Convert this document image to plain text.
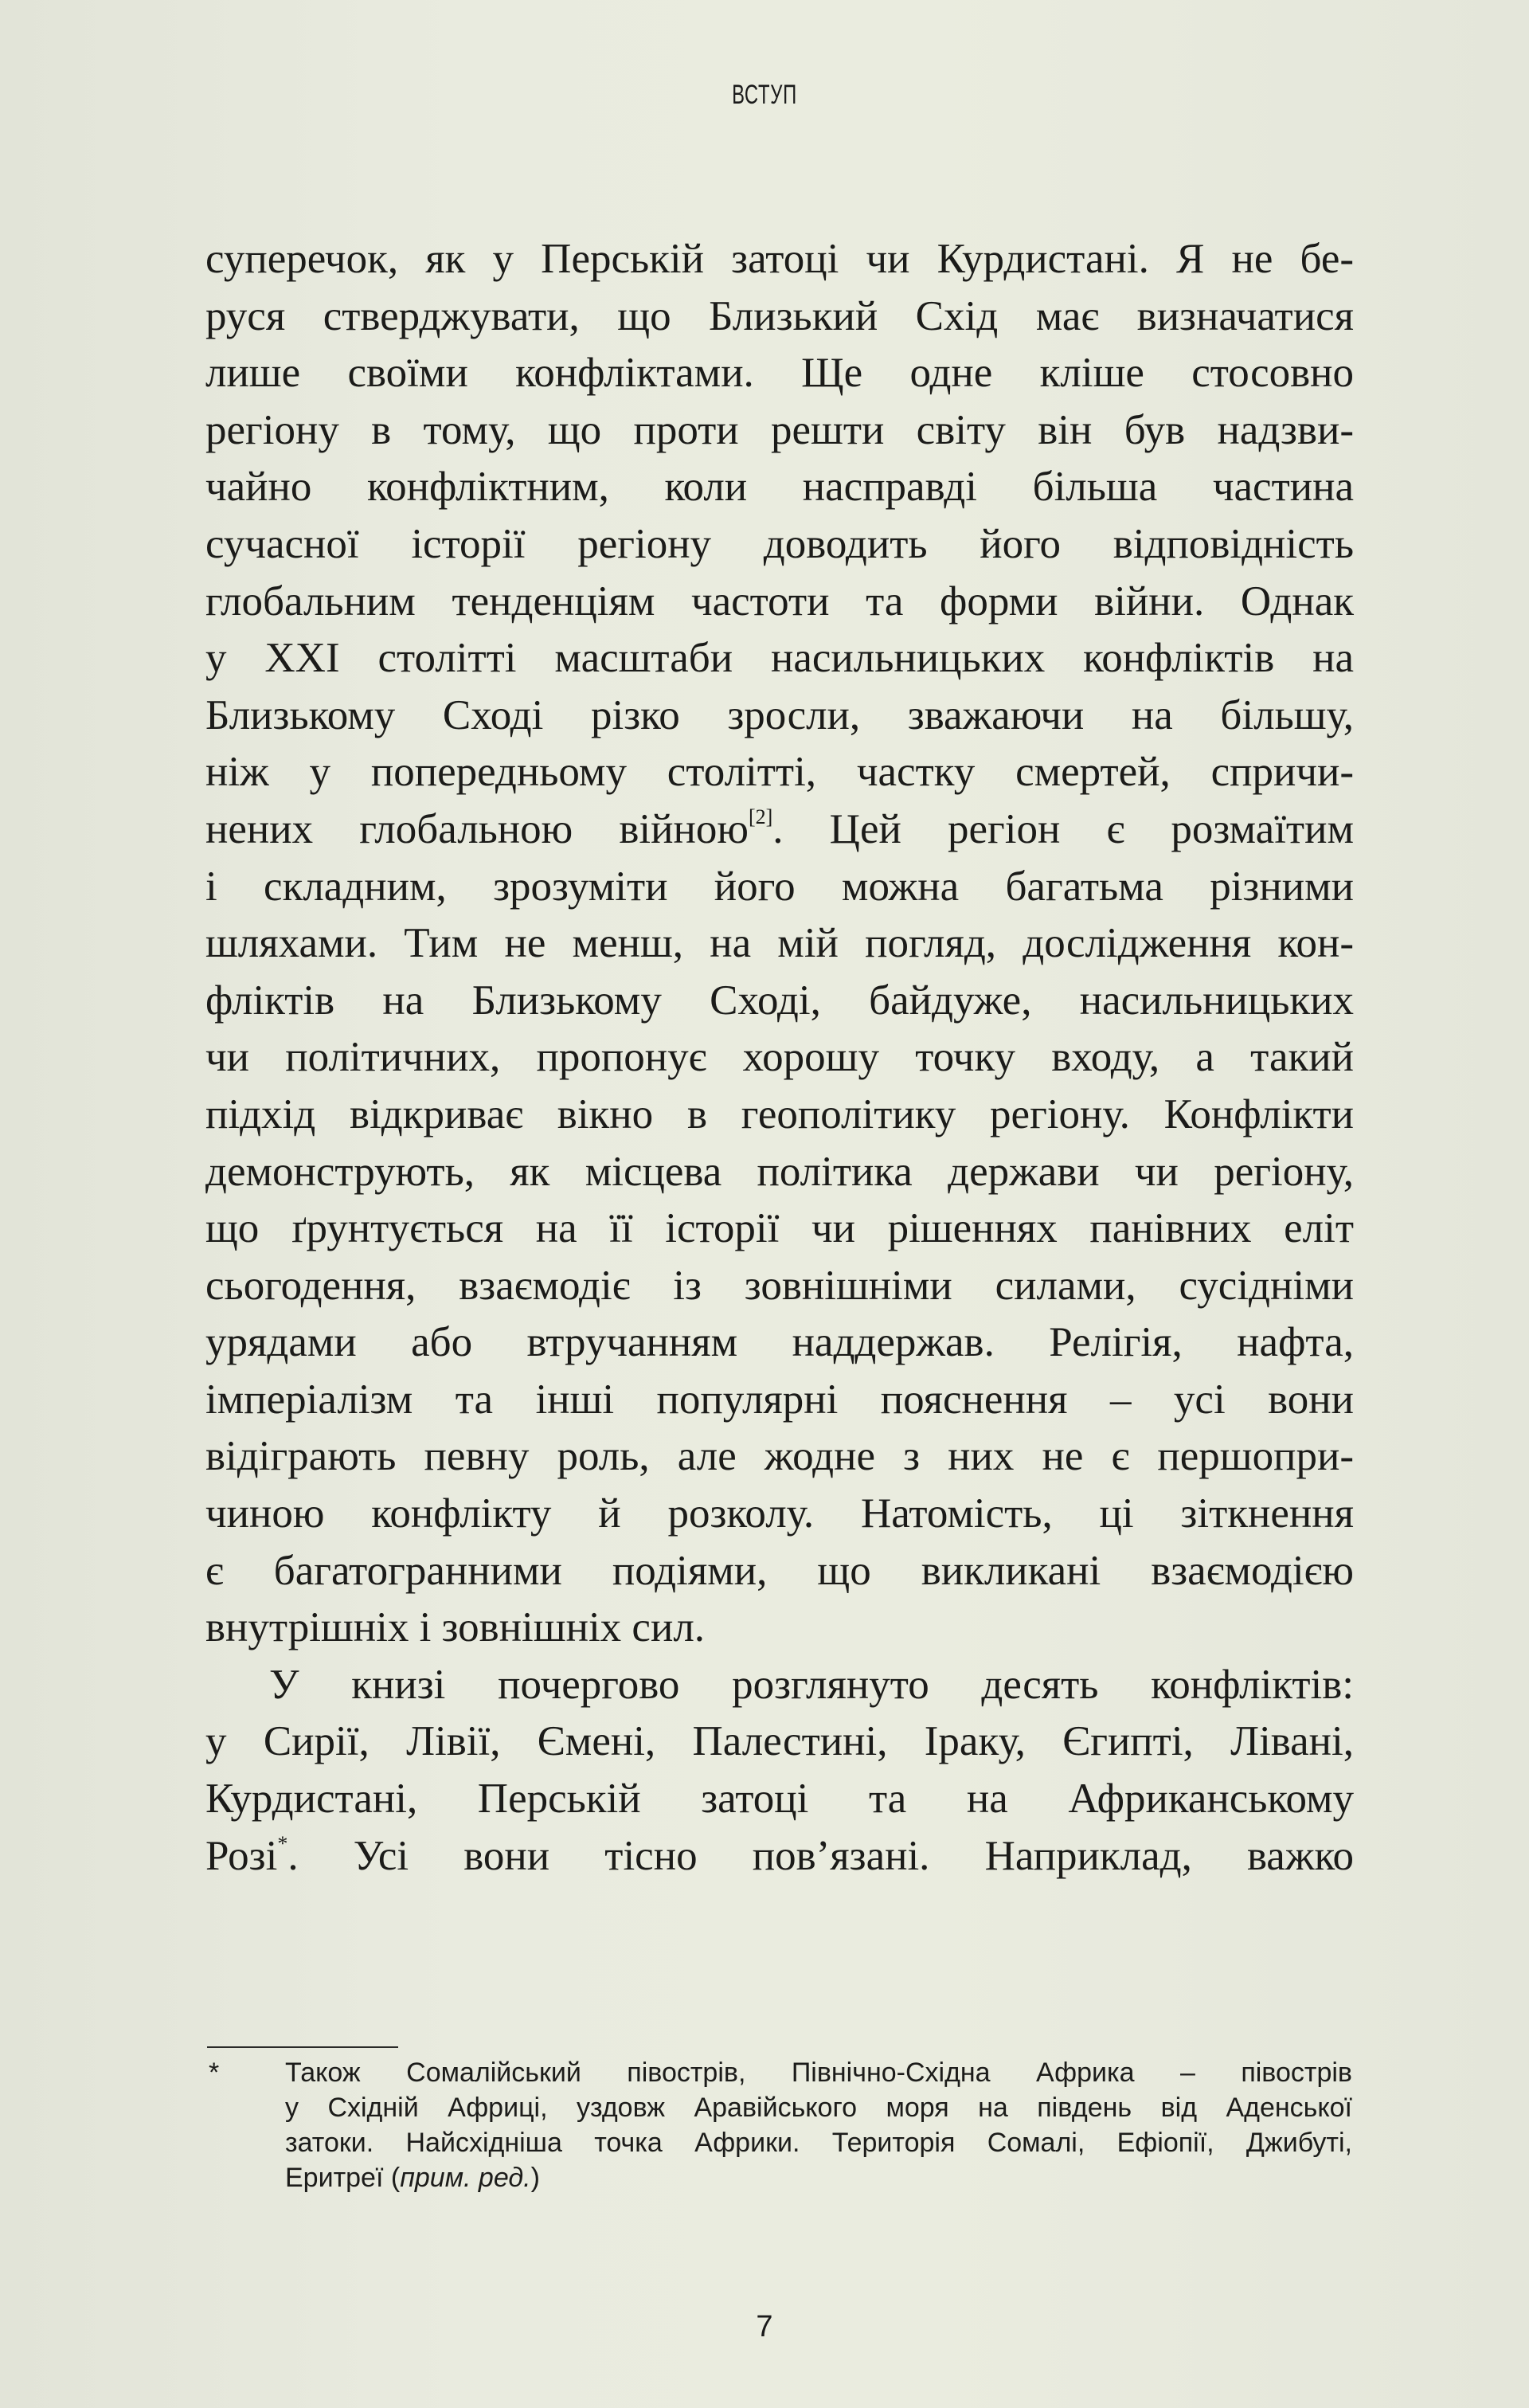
ВСТУП
суперечок, як у Перській затоці чи Курдистані. Я не бе-
руся стверджувати, що Близький Схід має визначатися
лише своїми конфліктами. Ще одне кліше стосовно
регіону в тому, що проти решти світу він був надзви-
чайно конфліктним, коли насправді більша частина
сучасної історії регіону доводить його відповідність
глобальним тенденціям частоти та форми війни. Однак
у XXI столітті масштаби насильницьких конфліктів на
Близькому Сході різко зросли, зважаючи на більшу,
ніж у попередньому столітті, частку смертей, спричи-
нених глобальною війною[2]. Цей регіон є розмаїтим
і складним, зрозуміти його можна багатьма різними
шляхами. Тим не менш, на мій погляд, дослідження кон-
фліктів на Близькому Сході, байдуже, насильницьких
чи політичних, пропонує хорошу точку входу, а такий
підхід відкриває вікно в геополітику регіону. Конфлікти
демонструють, як місцева політика держави чи регіону,
що ґрунтується на її історії чи рішеннях панівних еліт
сьогодення, взаємодіє із зовнішніми силами, сусідніми
урядами або втручанням наддержав. Релігія, нафта,
імперіалізм та інші популярні пояснення – усі вони
відіграють певну роль, але жодне з них не є першопри-
чиною конфлікту й розколу. Натомість, ці зіткнення
є багатогранними подіями, що викликані взаємодією
внутрішніх і зовнішніх сил.
У книзі почергово розглянуто десять конфліктів:
у Сирії, Лівії, Ємені, Палестині, Іраку, Єгипті, Лівані,
Курдистані, Перській затоці та на Африканському
Розі*. Усі вони тісно пов’язані. Наприклад, важко
* Також Сомалійський півострів, Північно-Східна Африка – півострів
у Східній Африці, уздовж Аравійського моря на південь від Аденської
затоки. Найсхідніша точка Африки. Територія Сомалі, Ефіопії, Джибуті,
Еритреї (прим. ред.)
7
